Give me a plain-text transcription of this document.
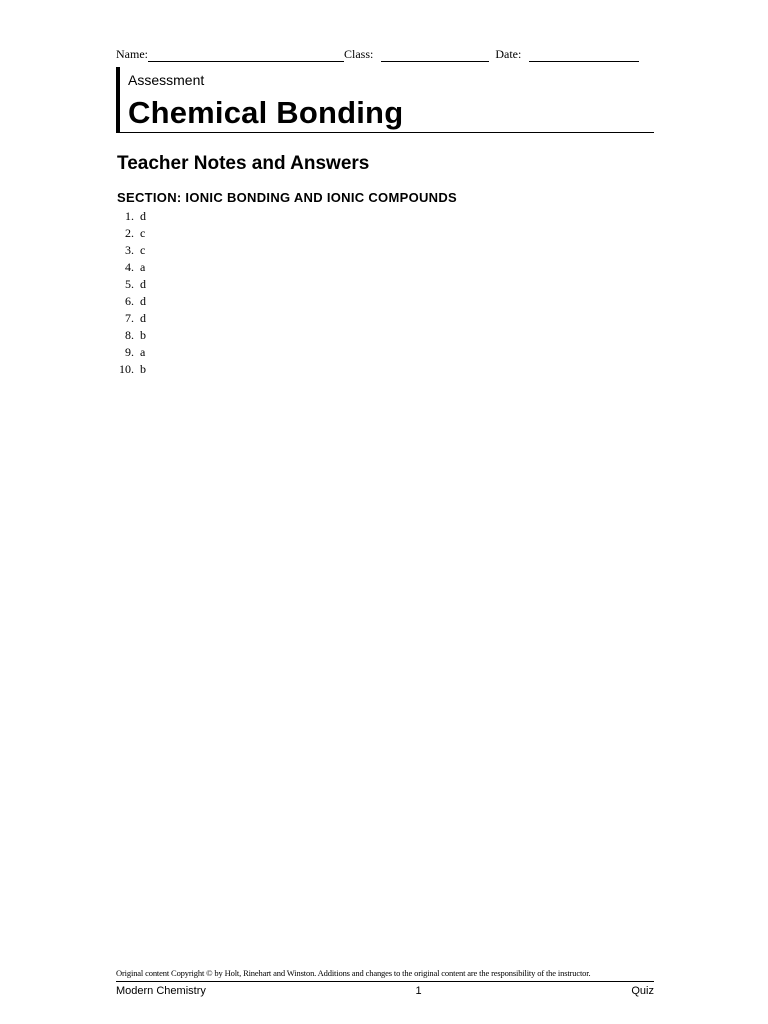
Name:	Class:	Date:
Assessment
Chemical Bonding
Teacher Notes and Answers
SECTION: IONIC BONDING AND IONIC COMPOUNDS
1. d
2. c
3. c
4. a
5. d
6. d
7. d
8. b
9. a
10. b
Original content Copyright © by Holt, Rinehart and Winston. Additions and changes to the original content are the responsibility of the instructor.
Modern Chemistry	1	Quiz
